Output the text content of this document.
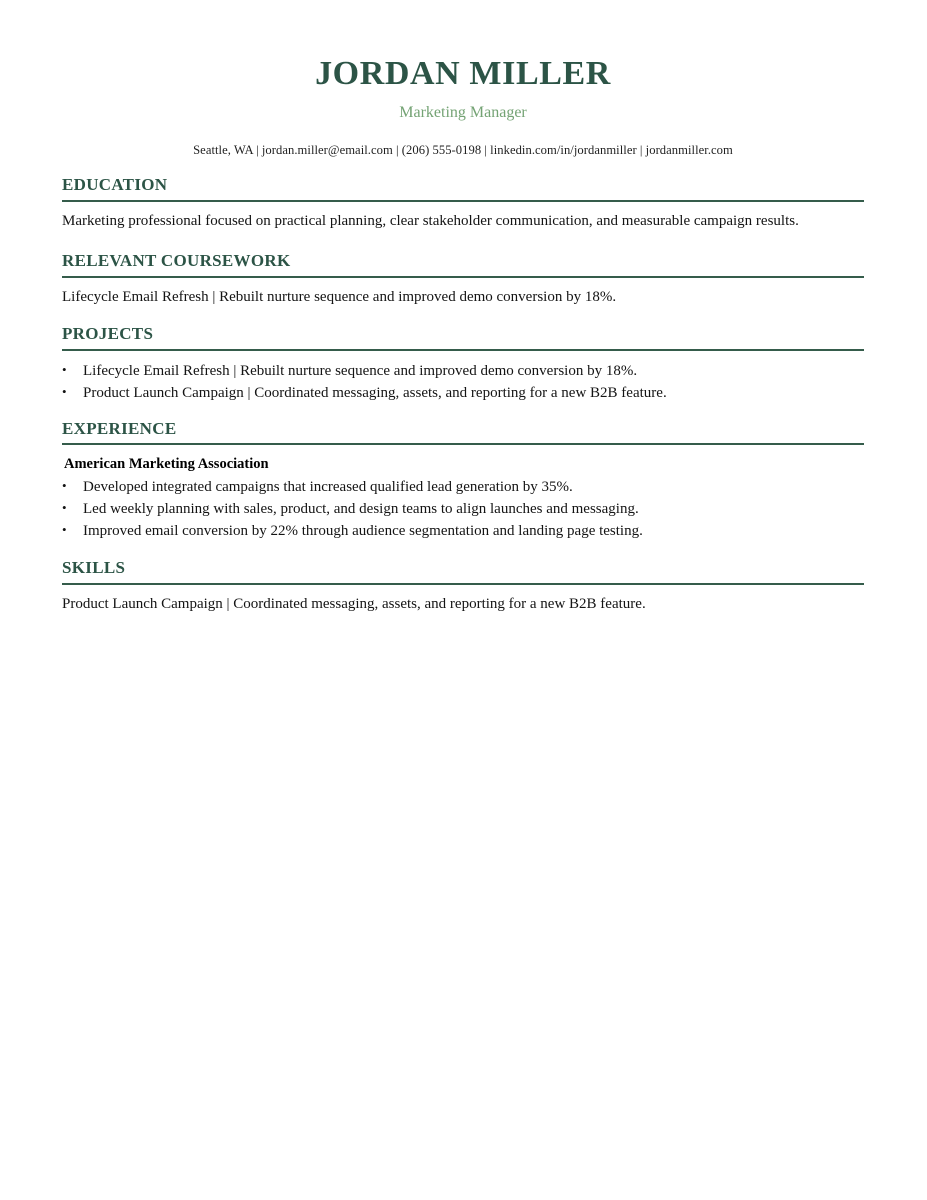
JORDAN MILLER
Marketing Manager
Seattle, WA | jordan.miller@email.com | (206) 555-0198 | linkedin.com/in/jordanmiller | jordanmiller.com
EDUCATION

Marketing professional focused on practical planning, clear stakeholder communication, and measurable campaign results.

RELEVANT COURSEWORK

Lifecycle Email Refresh | Rebuilt nurture sequence and improved demo conversion by 18%.

PROJECTS
• Lifecycle Email Refresh | Rebuilt nurture sequence and improved demo conversion by 18%.
• Product Launch Campaign | Coordinated messaging, assets, and reporting for a new B2B feature.
EXPERIENCE
American Marketing Association
• Developed integrated campaigns that increased qualified lead generation by 35%.
• Led weekly planning with sales, product, and design teams to align launches and messaging.
• Improved email conversion by 22% through audience segmentation and landing page testing.
SKILLS

Product Launch Campaign | Coordinated messaging, assets, and reporting for a new B2B feature.
